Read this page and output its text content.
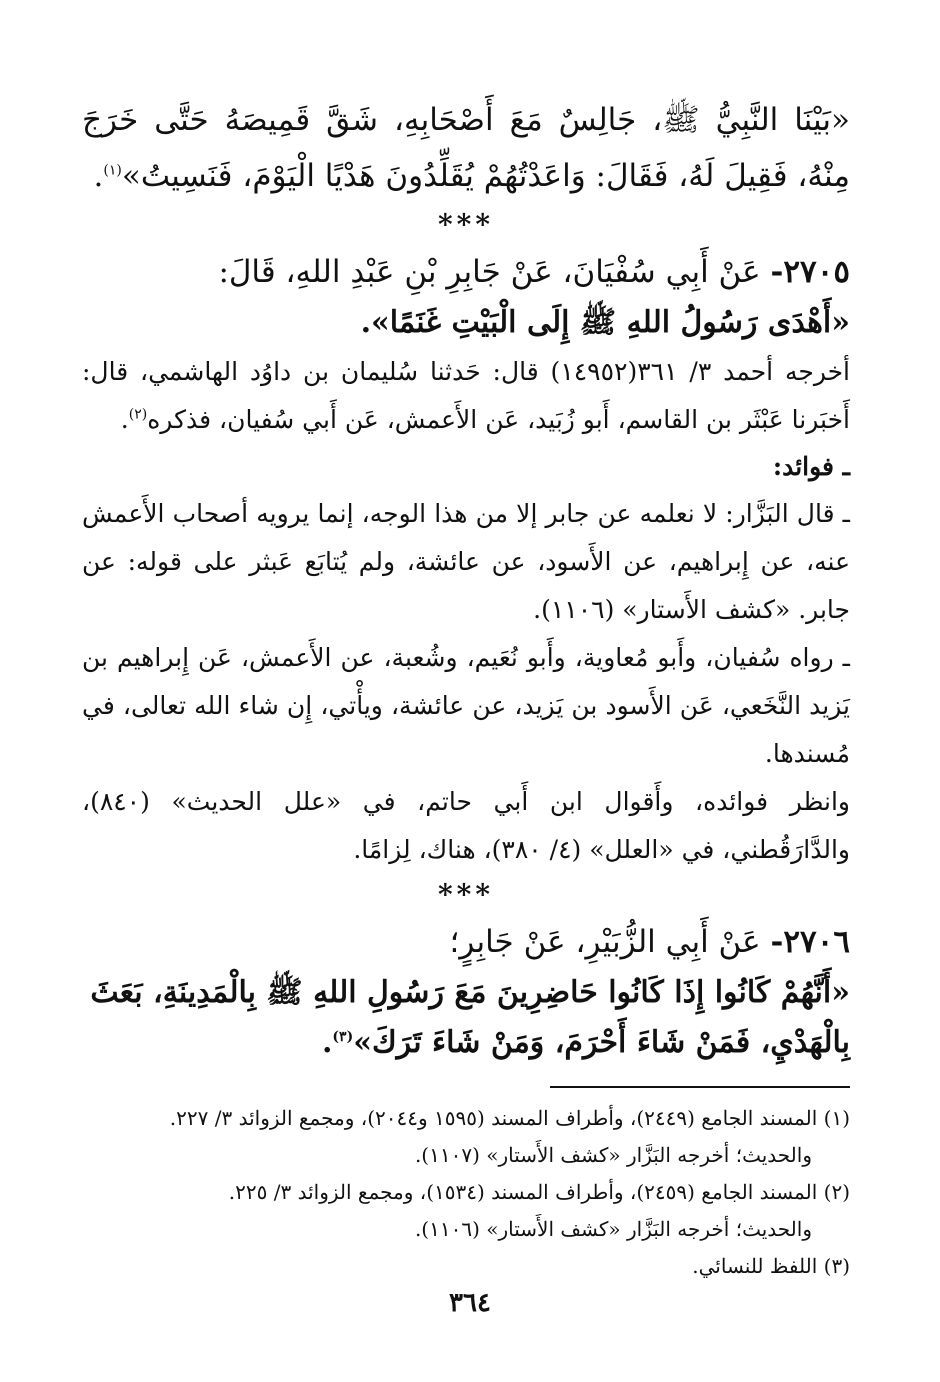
«بَيْنَا النَّبِيُّ ﷺ، جَالِسٌ مَعَ أَصْحَابِهِ، شَقَّ قَمِيصَهُ حَتَّى خَرَجَ مِنْهُ، فَقِيلَ لَهُ، فَقَالَ: وَاعَدْتُهُمْ يُقَلِّدُونَ هَدْيًا الْيَوْمَ، فَنَسِيتُ»$^{(١)}$.

***
٢٧٠٥- عَنْ أَبِي سُفْيَانَ، عَنْ جَابِرِ بْنِ عَبْدِ اللهِ، قَالَ:

«أَهْدَى رَسُولُ اللهِ ﷺ إِلَى الْبَيْتِ غَنَمًا».

أخرجه أحمد ٣/ ٣٦١(١٤٩٥٢) قال: حَدثنا سُليمان بن داوُد الهاشمي، قال: أَخبَرنا عَبْثَر بن القاسم، أَبو زُبَيد، عَن الأَعمش، عَن أَبي سُفيان، فذكره$^{(٢)}$.

ـ فوائد:

ـ قال البَزَّار: لا نعلمه عن جابر إلا من هذا الوجه، إنما يرويه أصحاب الأَعمش عنه، عن إِبراهيم، عن الأَسود، عن عائشة، ولم يُتابَع عَبثر على قوله: عن جابر. «كشف الأَستار» (١١٠٦).

ـ رواه سُفيان، وأَبو مُعاوية، وأَبو نُعَيم، وشُعبة، عن الأَعمش، عَن إِبراهيم بن يَزيد النَّخَعي، عَن الأَسود بن يَزيد، عن عائشة، ويأْتي، إِن شاء الله تعالى، في مُسندها.

وانظر فوائده، وأَقوال ابن أَبي حاتم، في «علل الحديث» (٨٤٠)، والدَّارَقُطني، في «العلل» (٤/ ٣٨٠)، هناك، لِزامًا.

***
٢٧٠٦- عَنْ أَبِي الزُّبَيْرِ، عَنْ جَابِرٍ؛

«أَنَّهُمْ كَانُوا إِذَا كَانُوا حَاضِرِينَ مَعَ رَسُولِ اللهِ ﷺ بِالْمَدِينَةِ، بَعَثَ بِالْهَدْيِ، فَمَنْ شَاءَ أَحْرَمَ، وَمَنْ شَاءَ تَرَكَ»$^{(٣)}$.

(١) المسند الجامع (٢٤٤٩)، وأطراف المسند (١٥٩٥ و٢٠٤٤)، ومجمع الزوائد ٣/ ٢٢٧.

والحديث؛ أخرجه البَزَّار «كشف الأَستار» (١١٠٧).

(٢) المسند الجامع (٢٤٥٩)، وأطراف المسند (١٥٣٤)، ومجمع الزوائد ٣/ ٢٢٥.

والحديث؛ أخرجه البَزَّار «كشف الأَستار» (١١٠٦).

(٣) اللفظ للنسائي.

٣٦٤
